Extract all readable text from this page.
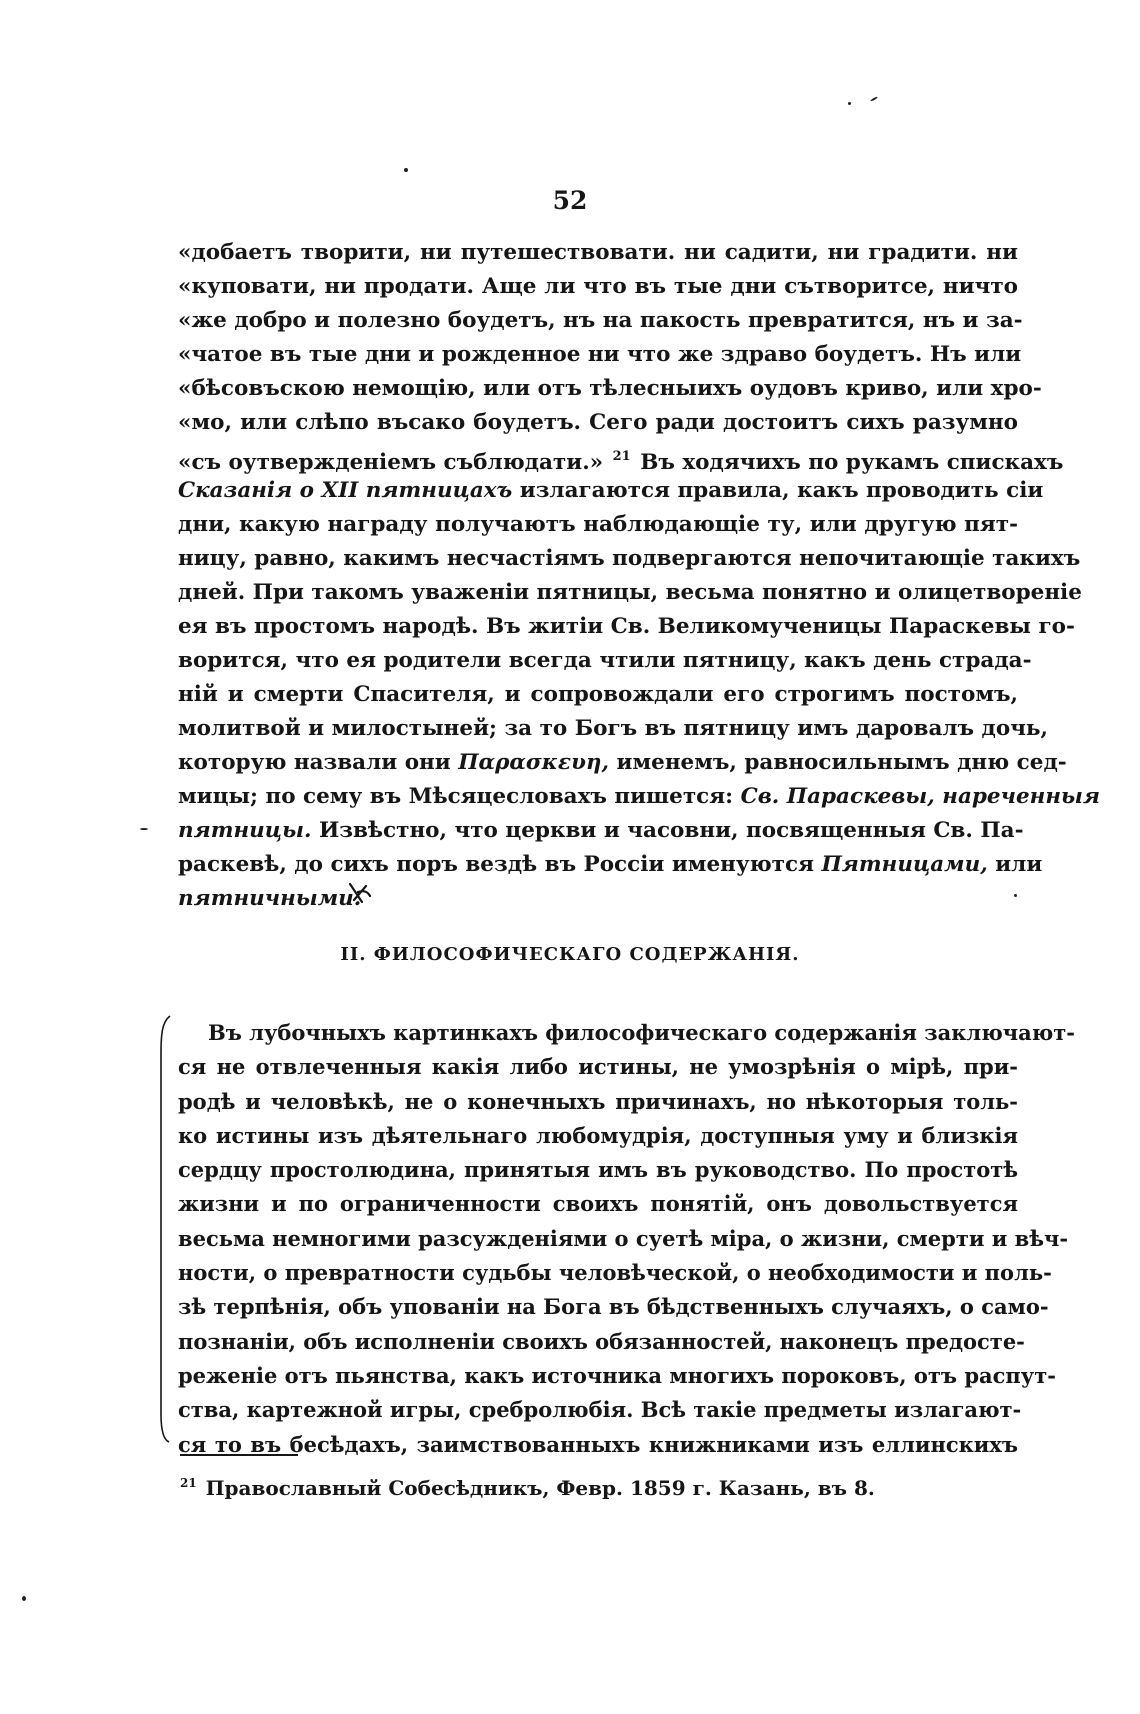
52
«добаетъ творити, ни путешествовати. ни садити, ни градити. ни
«куповати, ни продати. Аще ли что въ тые дни сътворитсе, ничто
«же добро и полезно боудетъ, нъ на пакость превратится, нъ и за-
«чатое въ тые дни и рожденное ни что же здраво боудетъ. Нъ или
«бѣсовъскою немощію, или отъ тѣлесныихъ оудовъ криво, или хро-
«мо, или слѣпо въсако боудетъ. Сего ради достоитъ сихъ разумно
«съ оутвержденіемъ съблюдати.» $^{21}$ Въ ходячихъ по рукамъ спискахъ
Сказанія о XII пятницахъ излагаются правила, какъ проводить сіи
дни, какую награду получаютъ наблюдающіе ту, или другую пят-
ницу, равно, какимъ несчастіямъ подвергаются непочитающіе такихъ
дней. При такомъ уваженіи пятницы, весьма понятно и олицетвореніе
ея въ простомъ народѣ. Въ житіи Св. Великомученицы Параскевы го-
ворится, что ея родители всегда чтили пятницу, какъ день страда-
ній и смерти Спасителя, и сопровождали его строгимъ постомъ,
молитвой и милостыней; за то Богъ въ пятницу имъ даровалъ дочь,
которую назвали они Παρασκευη, именемъ, равносильнымъ дню сед-
мицы; по сему въ Мѣсяцесловахъ пишется: Св. Параскевы, нареченныя
пятницы. Извѣстно, что церкви и часовни, посвященныя Св. Па-
раскевѣ, до сихъ поръ вездѣ въ Россіи именуются Пятницами, или
пятничными.
II. ФИЛОСОФИЧЕСКАГО СОДЕРЖАНІЯ.
Въ лубочныхъ картинкахъ философическаго содержанія заключают-
ся не отвлеченныя какія либо истины, не умозрѣнія о мірѣ, при-
родѣ и человѣкѣ, не о конечныхъ причинахъ, но нѣкоторыя толь-
ко истины изъ дѣятельнаго любомудрія, доступныя уму и близкія
сердцу простолюдина, принятыя имъ въ руководство. По простотѣ
жизни и по ограниченности своихъ понятій, онъ довольствуется
весьма немногими разсужденіями о суетѣ міра, о жизни, смерти и вѣч-
ности, о превратности судьбы человѣческой, о необходимости и поль-
зѣ терпѣнія, объ упованіи на Бога въ бѣдственныхъ случаяхъ, о само-
познаніи, объ исполненіи своихъ обязанностей, наконецъ предосте-
реженіе отъ пьянства, какъ источника многихъ пороковъ, отъ распут-
ства, картежной игры, сребролюбія. Всѣ такіе предметы излагают-
ся то въ бесѣдахъ, заимствованныхъ книжниками изъ еллинскихъ
$^{21}$ Православный Собесѣдникъ, Февр. 1859 г. Казань, въ 8.
